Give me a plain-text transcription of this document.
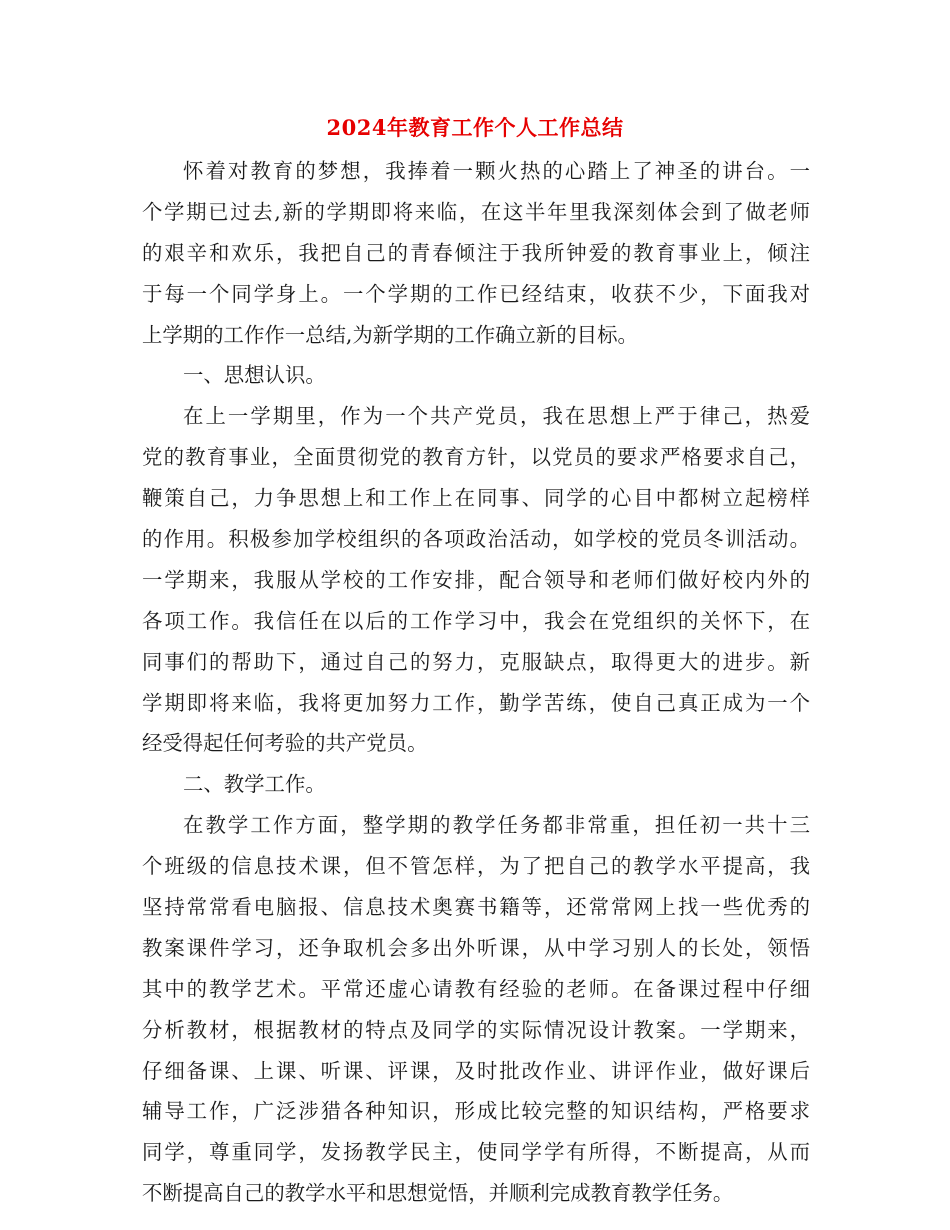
2024年教育工作个人工作总结
怀着对教育的梦想，我捧着一颗火热的心踏上了神圣的讲台。一
个学期已过去,新的学期即将来临，在这半年里我深刻体会到了做老师
的艰辛和欢乐，我把自己的青春倾注于我所钟爱的教育事业上，倾注
于每一个同学身上。一个学期的工作已经结束，收获不少，下面我对
上学期的工作作一总结,为新学期的工作确立新的目标。
一、思想认识。
在上一学期里，作为一个共产党员，我在思想上严于律己，热爱
党的教育事业，全面贯彻党的教育方针，以党员的要求严格要求自己，
鞭策自己，力争思想上和工作上在同事、同学的心目中都树立起榜样
的作用。积极参加学校组织的各项政治活动，如学校的党员冬训活动。
一学期来，我服从学校的工作安排，配合领导和老师们做好校内外的
各项工作。我信任在以后的工作学习中，我会在党组织的关怀下，在
同事们的帮助下，通过自己的努力，克服缺点，取得更大的进步。新
学期即将来临，我将更加努力工作，勤学苦练，使自己真正成为一个
经受得起任何考验的共产党员。
二、教学工作。
在教学工作方面，整学期的教学任务都非常重，担任初一共十三
个班级的信息技术课，但不管怎样，为了把自己的教学水平提高，我
坚持常常看电脑报、信息技术奥赛书籍等，还常常网上找一些优秀的
教案课件学习，还争取机会多出外听课，从中学习别人的长处，领悟
其中的教学艺术。平常还虚心请教有经验的老师。在备课过程中仔细
分析教材，根据教材的特点及同学的实际情况设计教案。一学期来，
仔细备课、上课、听课、评课，及时批改作业、讲评作业，做好课后
辅导工作，广泛涉猎各种知识，形成比较完整的知识结构，严格要求
同学，尊重同学，发扬教学民主，使同学学有所得，不断提高，从而
不断提高自己的教学水平和思想觉悟，并顺利完成教育教学任务。
